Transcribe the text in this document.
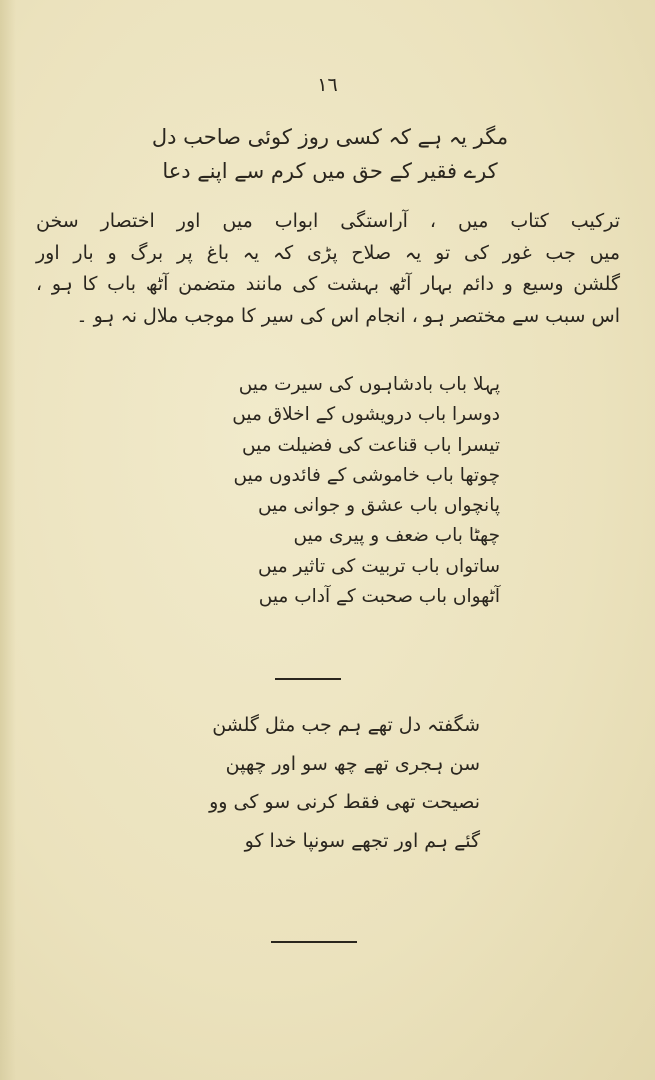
١٦
مگر یہ ہے کہ کسی روز کوئی صاحب دل
کرے فقیر کے حق میں کرم سے اپنے دعا
ترکیب کتاب میں ، آراستگی ابواب میں اور اختصار سخن
میں جب غور کی تو یہ صلاح پڑی کہ یہ باغ پر برگ و بار اور
گلشن وسیع و دائم بہار آٹھ بہشت کی مانند متضمن آٹھ باب کا ہو ،
اس سبب سے مختصر ہو ، انجام اس کی سیر کا موجب ملال نہ ہو ۔
پہلا باب بادشاہوں کی سیرت میں
دوسرا باب درویشوں کے اخلاق میں
تیسرا باب قناعت کی فضیلت میں
چوتھا باب خاموشی کے فائدوں میں
پانچواں باب عشق و جوانی میں
چھٹا باب ضعف و پیری میں
ساتواں باب تربیت کی تاثیر میں
آٹھواں باب صحبت کے آداب میں
شگفتہ دل تھے ہم جب مثل گلشن
سن ہجری تھے چھ سو اور چھپن
نصیحت تھی فقط کرنی سو کی وو
گئے ہم اور تجھے سونپا خدا کو
